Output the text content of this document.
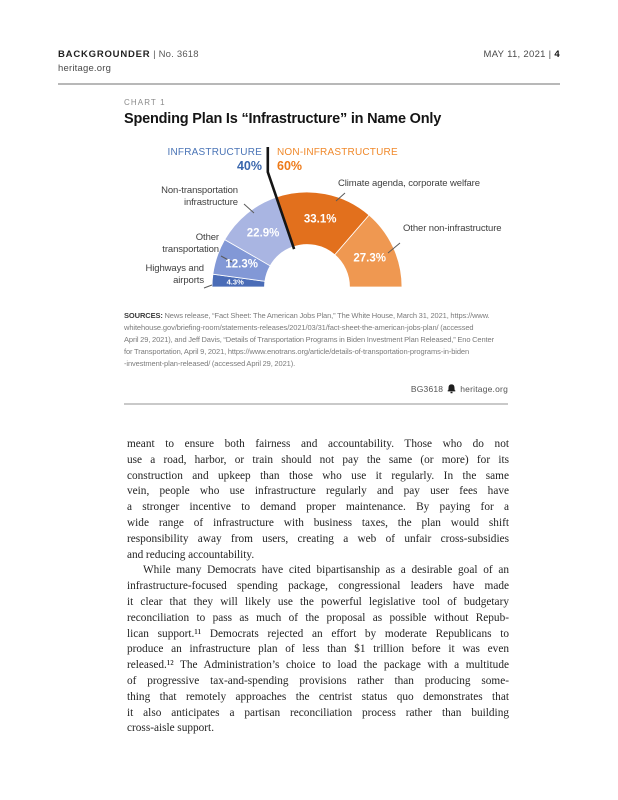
BACKGROUNDER | No. 3618
heritage.org
MAY 11, 2021 | 4
CHART 1
Spending Plan Is “Infrastructure” in Name Only
INFRASTRUCTURE
40%
NON-INFRASTRUCTURE
60%
4.3%
12.3%
22.9%
33.1%
27.3%
Non-transportation infrastructure
Other transportation
Highways and airports
Climate agenda, corporate welfare
Other non-infrastructure
SOURCES: News release, “Fact Sheet: The American Jobs Plan,” The White House, March 31, 2021, https://www.
whitehouse.gov/briefing-room/statements-releases/2021/03/31/fact-sheet-the-american-jobs-plan/ (accessed
April 29, 2021), and Jeff Davis, “Details of Transportation Programs in Biden Investment Plan Released,” Eno Center
for Transportation, April 9, 2021, https://www.enotrans.org/article/details-of-transportation-programs-in-biden
-investment-plan-released/ (accessed April 29, 2021).
BG3618 heritage.org
meant to ensure both fairness and accountability. Those who do not
use a road, harbor, or train should not pay the same (or more) for its
construction and upkeep than those who use it regularly. In the same
vein, people who use infrastructure regularly and pay user fees have
a stronger incentive to demand proper maintenance. By paying for a
wide range of infrastructure with business taxes, the plan would shift
responsibility away from users, creating a web of unfair cross-subsidies
and reducing accountability.
While many Democrats have cited bipartisanship as a desirable goal of an
infrastructure-focused spending package, congressional leaders have made
it clear that they will likely use the powerful legislative tool of budgetary
reconciliation to pass as much of the proposal as possible without Repub-
lican support.¹¹ Democrats rejected an effort by moderate Republicans to
produce an infrastructure plan of less than $1 trillion before it was even
released.¹² The Administration’s choice to load the package with a multitude
of progressive tax-and-spending provisions rather than producing some-
thing that remotely approaches the centrist status quo demonstrates that
it also anticipates a partisan reconciliation process rather than building
cross-aisle support.
